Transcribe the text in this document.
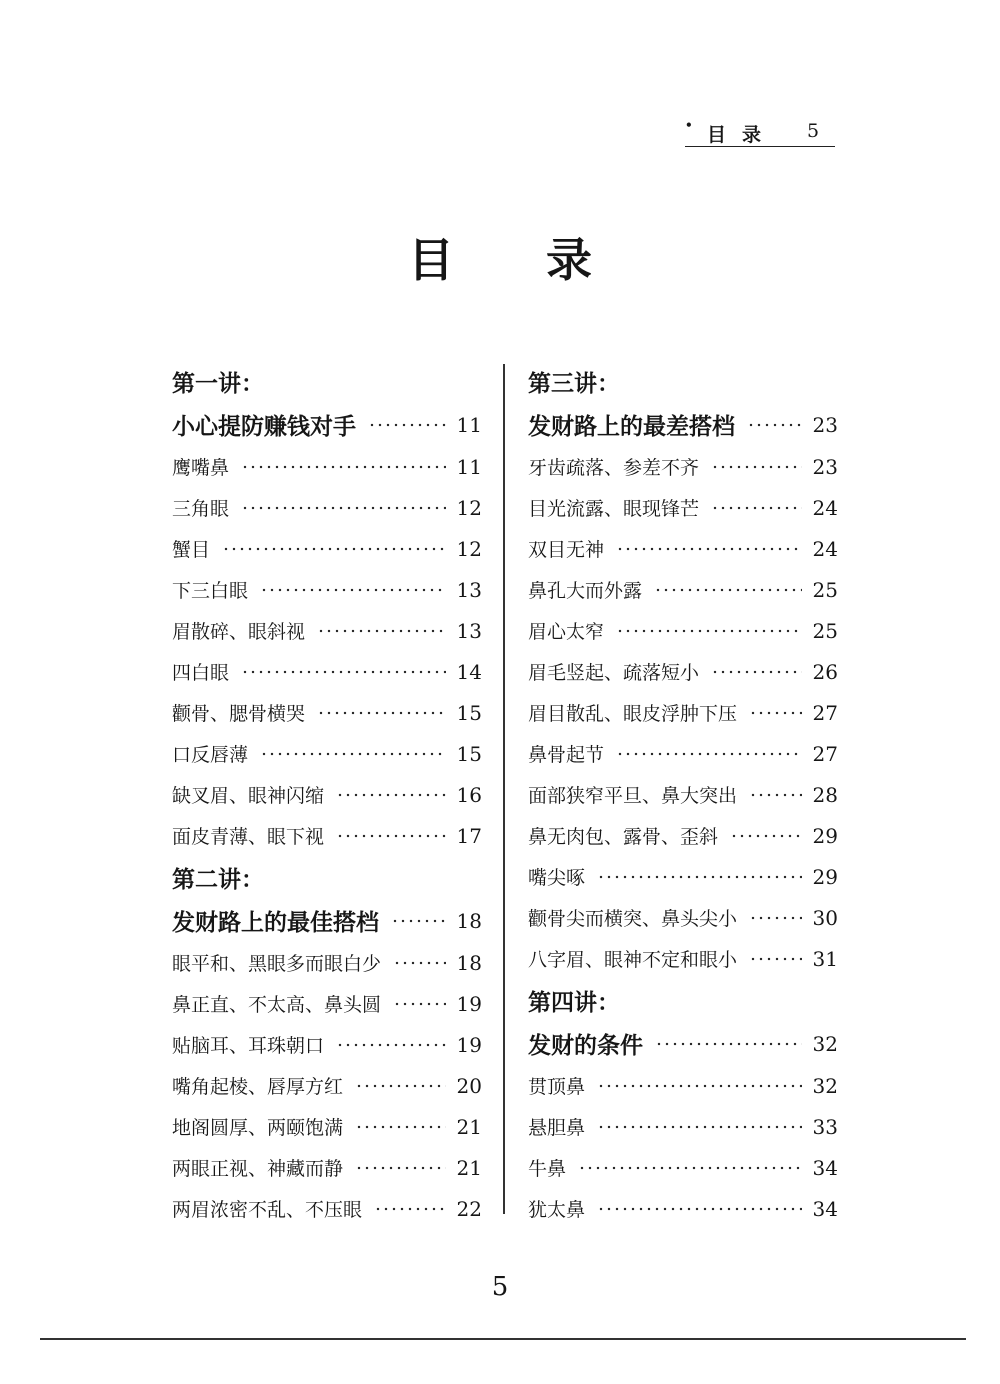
• 目录 5
目 录
第一讲：
小心提防赚钱对手	11
鹰嘴鼻	11
三角眼	12
蟹目	12
下三白眼	13
眉散碎、眼斜视	13
四白眼	14
颧骨、腮骨横哭	15
口反唇薄	15
缺叉眉、眼神闪缩	16
面皮青薄、眼下视	17
第二讲：
发财路上的最佳搭档	18
眼平和、黑眼多而眼白少	18
鼻正直、不太高、鼻头圆	19
贴脑耳、耳珠朝口	19
嘴角起棱、唇厚方红	20
地阁圆厚、两颐饱满	21
两眼正视、神藏而静	21
两眉浓密不乱、不压眼	22
第三讲：
发财路上的最差搭档	23
牙齿疏落、参差不齐	23
目光流露、眼现锋芒	24
双目无神	24
鼻孔大而外露	25
眉心太窄	25
眉毛竖起、疏落短小	26
眉目散乱、眼皮浮肿下压	27
鼻骨起节	27
面部狭窄平旦、鼻大突出	28
鼻无肉包、露骨、歪斜	29
嘴尖啄	29
颧骨尖而横突、鼻头尖小	30
八字眉、眼神不定和眼小	31
第四讲：
发财的条件	32
贯顶鼻	32
悬胆鼻	33
牛鼻	34
犹太鼻	34
5
